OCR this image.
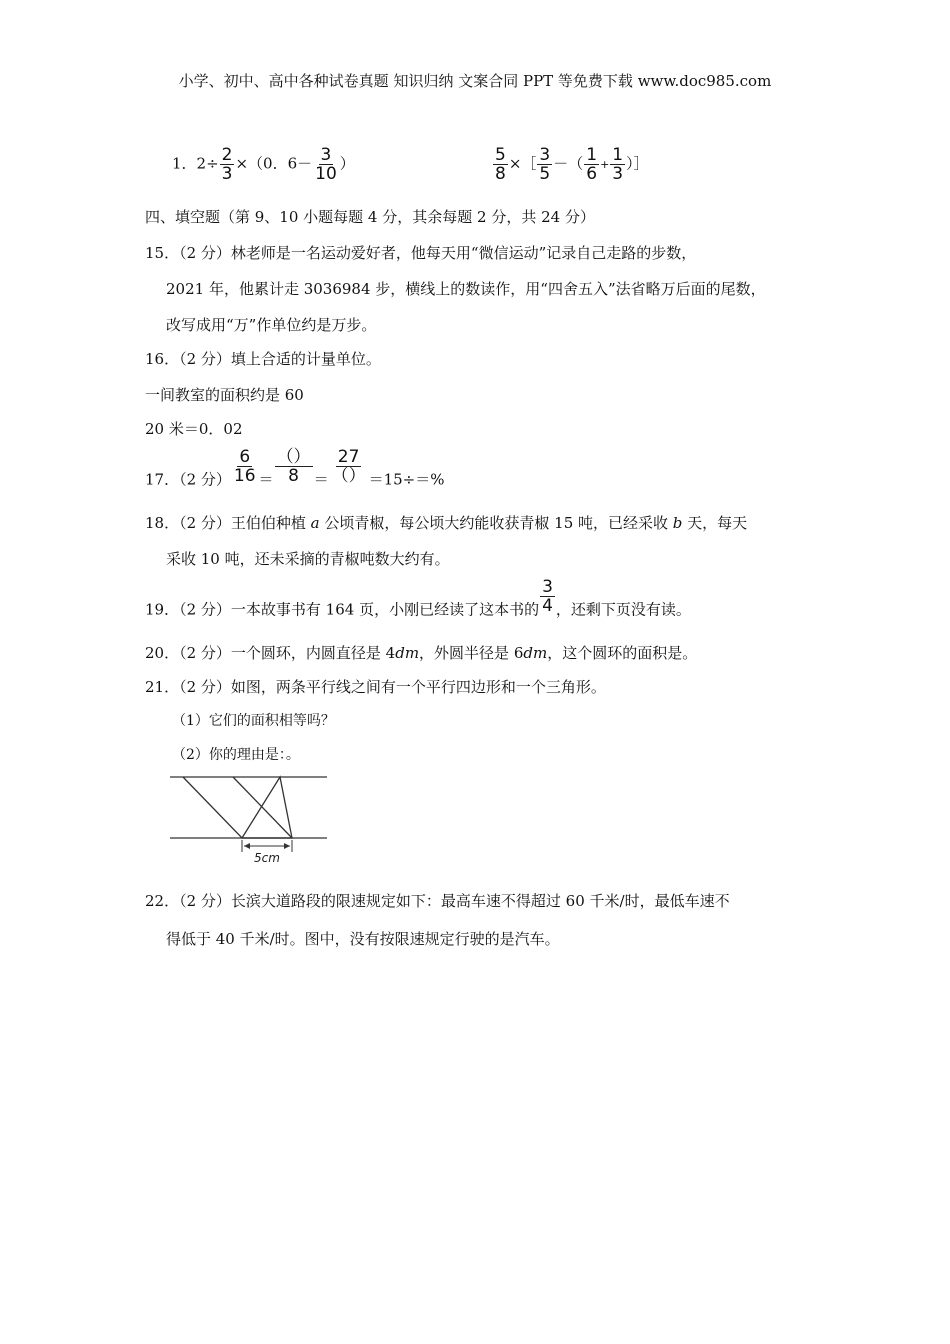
小学、初中、高中各种试卷真题 知识归纳 文案合同 PPT 等免费下载 www.doc985.com
1．$2\div \frac{2}{3} \times(0$．$6- \frac{3}{10}$ ）	$\frac{5}{8}$ ×［ $\frac{3}{5}$ －（ $\frac{1}{6} + \frac{1}{3}$ ）］
四、填空题（第 9、10 小题每题 4 分，其余每题 2 分，共 24 分）
15．（2 分）林老师是一名运动爱好者，他每天用“微信运动”记录自己走路的步数，
2021 年，他累计走 3036984 步，横线上的数读作，用“四舍五入”法省略万后面的尾数，
改写成用“万”作单位约是万步。
16．（2 分）填上合适的计量单位。
一间教室的面积约是 60
20 米＝0．02
17．（2 分） $\frac{6}{16} = \frac{()}{8} = \frac{27}{()} =15\div=\%$
18．（2 分）王伯伯种植 a 公顷青椒，每公顷大约能收获青椒 15 吨，已经采收 b 天，每天
采收 10 吨，还未采摘的青椒吨数大约有。
19．（2 分）一本故事书有 164 页，小刚已经读了这本书的 $\frac{3}{4}$ ，还剩下页没有读。
20．（2 分）一个圆环，内圆直径是 4dm，外圆半径是 6dm，这个圆环的面积是。
21．（2 分）如图，两条平行线之间有一个平行四边形和一个三角形。
（1）它们的面积相等吗？
（2）你的理由是：。
5cm
22．（2 分）长滨大道路段的限速规定如下：最高车速不得超过 60 千米/时，最低车速不
得低于 40 千米/时。图中，没有按限速规定行驶的是汽车。
